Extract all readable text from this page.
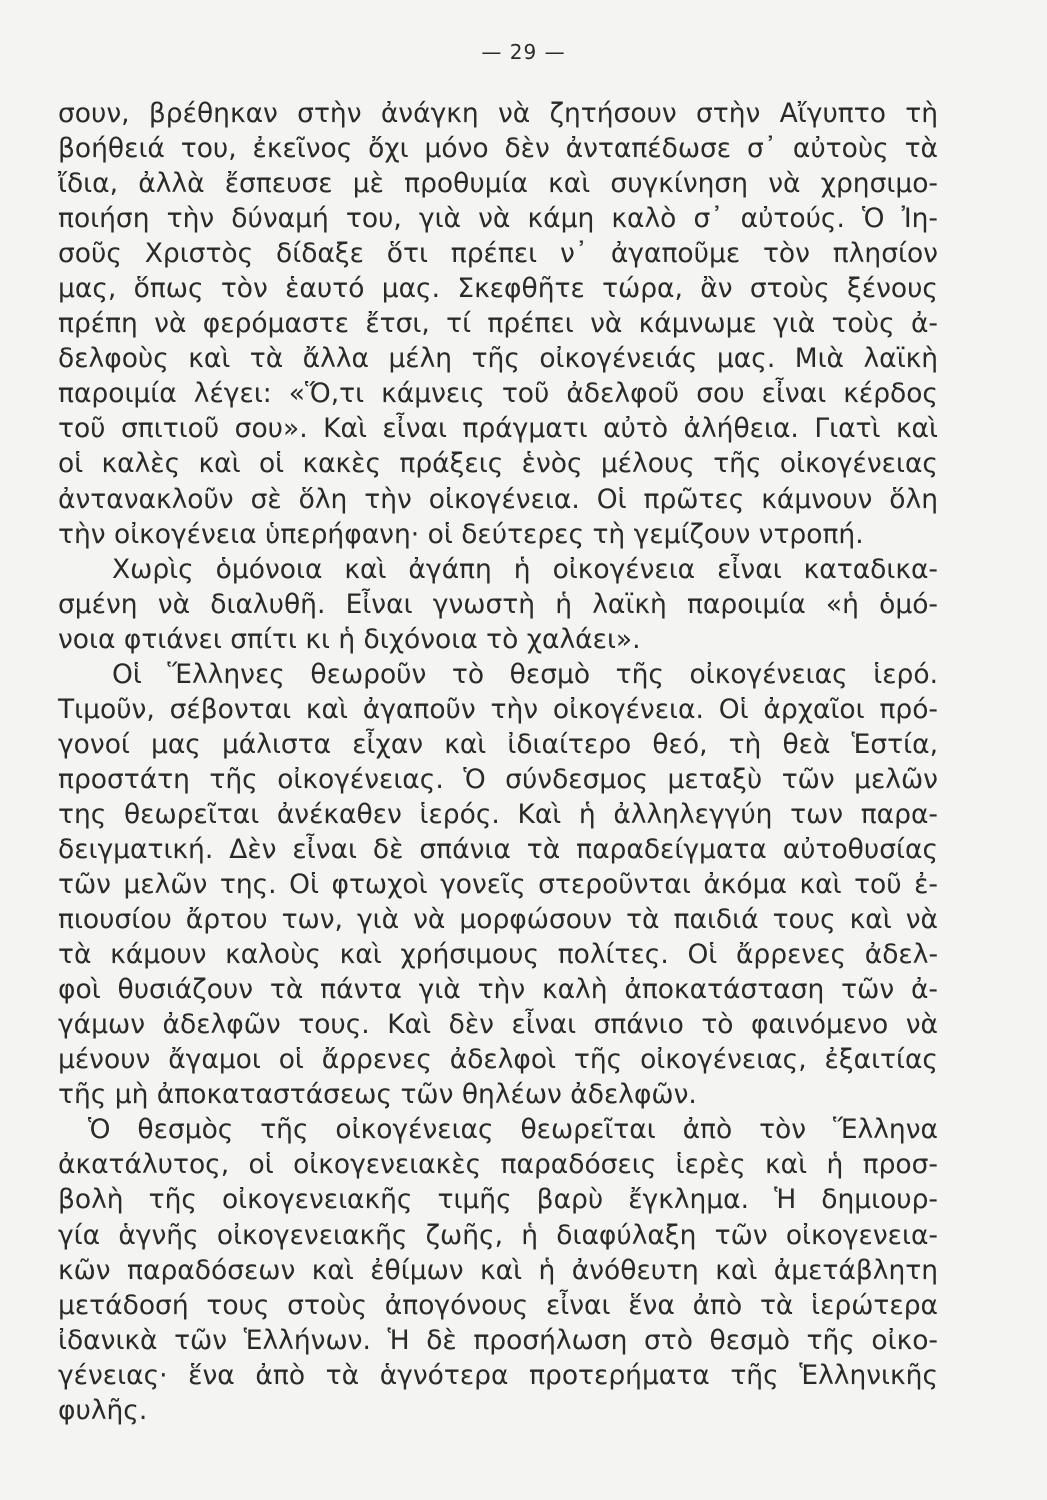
— 29 —
σουν, βρέθηκαν στὴν ἀνάγκη νὰ ζητήσουν στὴν Αἴγυπτο τὴ
βοήθειά του, ἐκεῖνος ὄχι μόνο δὲν ἀνταπέδωσε σ᾽ αὐτοὺς τὰ
ἴδια, ἀλλὰ ἔσπευσε μὲ προθυμία καὶ συγκίνηση νὰ χρησιμο-
ποιήση τὴν δύναμή του, γιὰ νὰ κάμη καλὸ σ᾽ αὐτούς. Ὁ Ἰη-
σοῦς Χριστὸς δίδαξε ὅτι πρέπει ν᾽ ἀγαποῦμε τὸν πλησίον
μας, ὅπως τὸν ἑαυτό μας. Σκεφθῆτε τώρα, ἂν στοὺς ξένους
πρέπη νὰ φερόμαστε ἔτσι, τί πρέπει νὰ κάμνωμε γιὰ τοὺς ἀ-
δελφοὺς καὶ τὰ ἄλλα μέλη τῆς οἰκογένειάς μας. Μιὰ λαϊκὴ
παροιμία λέγει: «Ὅ,τι κάμνεις τοῦ ἀδελφοῦ σου εἶναι κέρδος
τοῦ σπιτιοῦ σου». Καὶ εἶναι πράγματι αὐτὸ ἀλήθεια. Γιατὶ καὶ
οἱ καλὲς καὶ οἱ κακὲς πράξεις ἑνὸς μέλους τῆς οἰκογένειας
ἀντανακλοῦν σὲ ὅλη τὴν οἰκογένεια. Οἱ πρῶτες κάμνουν ὅλη
τὴν οἰκογένεια ὑπερήφανη· οἱ δεύτερες τὴ γεμίζουν ντροπή.
Χωρὶς ὁμόνοια καὶ ἀγάπη ἡ οἰκογένεια εἶναι καταδικα-
σμένη νὰ διαλυθῆ. Εἶναι γνωστὴ ἡ λαϊκὴ παροιμία «ἡ ὁμό-
νοια φτιάνει σπίτι κι ἡ διχόνοια τὸ χαλάει».
Οἱ Ἕλληνες θεωροῦν τὸ θεσμὸ τῆς οἰκογένειας ἱερό.
Τιμοῦν, σέβονται καὶ ἀγαποῦν τὴν οἰκογένεια. Οἱ ἀρχαῖοι πρό-
γονοί μας μάλιστα εἶχαν καὶ ἰδιαίτερο θεό, τὴ θεὰ Ἑστία,
προστάτη τῆς οἰκογένειας. Ὁ σύνδεσμος μεταξὺ τῶν μελῶν
της θεωρεῖται ἀνέκαθεν ἱερός. Καὶ ἡ ἀλληλεγγύη των παρα-
δειγματική. Δὲν εἶναι δὲ σπάνια τὰ παραδείγματα αὐτοθυσίας
τῶν μελῶν της. Οἱ φτωχοὶ γονεῖς στεροῦνται ἀκόμα καὶ τοῦ ἐ-
πιουσίου ἄρτου των, γιὰ νὰ μορφώσουν τὰ παιδιά τους καὶ νὰ
τὰ κάμουν καλοὺς καὶ χρήσιμους πολίτες. Οἱ ἄρρενες ἀδελ-
φοὶ θυσιάζουν τὰ πάντα γιὰ τὴν καλὴ ἀποκατάσταση τῶν ἀ-
γάμων ἀδελφῶν τους. Καὶ δὲν εἶναι σπάνιο τὸ φαινόμενο νὰ
μένουν ἄγαμοι οἱ ἄρρενες ἀδελφοὶ τῆς οἰκογένειας, ἐξαιτίας
τῆς μὴ ἀποκαταστάσεως τῶν θηλέων ἀδελφῶν.
Ὁ θεσμὸς τῆς οἰκογένειας θεωρεῖται ἀπὸ τὸν Ἕλληνα
ἀκατάλυτος, οἱ οἰκογενειακὲς παραδόσεις ἱερὲς καὶ ἡ προσ-
βολὴ τῆς οἰκογενειακῆς τιμῆς βαρὺ ἔγκλημα. Ἡ δημιουρ-
γία ἁγνῆς οἰκογενειακῆς ζωῆς, ἡ διαφύλαξη τῶν οἰκογενεια-
κῶν παραδόσεων καὶ ἐθίμων καὶ ἡ ἀνόθευτη καὶ ἀμετάβλητη
μετάδοσή τους στοὺς ἀπογόνους εἶναι ἕνα ἀπὸ τὰ ἱερώτερα
ἰδανικὰ τῶν Ἑλλήνων. Ἡ δὲ προσήλωση στὸ θεσμὸ τῆς οἰκο-
γένειας· ἕνα ἀπὸ τὰ ἁγνότερα προτερήματα τῆς Ἑλληνικῆς
φυλῆς.
